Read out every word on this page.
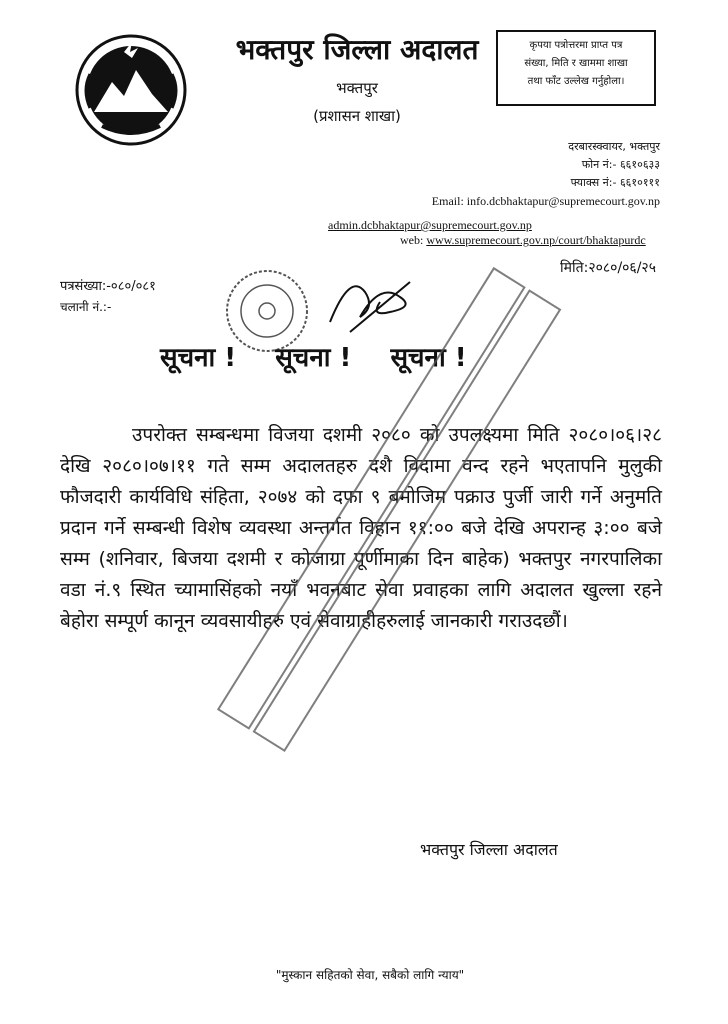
भक्तपुर जिल्ला अदालत
भक्तपुर
(प्रशासन शाखा)
कृपया पत्रोत्तरमा प्राप्त पत्र
संख्या, मिति र खाममा शाखा
तथा फाँट उल्लेख गर्नुहोला।
दरबारस्क्वायर, भक्तपुर
फोन नं:- ६६१०६३३
फ्याक्स नं:- ६६१०१११
Email: info.dcbhaktapur@supremecourt.gov.np
admin.dcbhaktapur@supremecourt.gov.np
web: www.supremecourt.gov.np/court/bhaktapurdc
पत्रसंख्या:-०८०/०८१
चलानी नं.:-
मिति:२०८०/०६/२५
सूचना ! सूचना ! सूचना !
उपरोक्त सम्बन्धमा विजया दशमी २०८० को उपलक्ष्यमा मिति २०८०।०६।२८ देखि २०८०।०७।११ गते सम्म अदालतहरु दशै विदामा वन्द रहने भएतापनि मुलुकी फौजदारी कार्यविधि संहिता, २०७४ को दफा ९ बमोजिम पक्राउ पुर्जी जारी गर्ने अनुमति प्रदान गर्ने सम्बन्धी विशेष व्यवस्था अन्तर्गत विहान ११:०० बजे देखि अपरान्ह ३:०० बजे सम्म (शनिवार, बिजया दशमी र कोजाग्रा पूर्णीमाका दिन बाहेक) भक्तपुर नगरपालिका वडा नं.९ स्थित च्यामासिंहको नयाँ भवनबाट सेवा प्रवाहका लागि अदालत खुल्ला रहने बेहोरा सम्पूर्ण कानून व्यवसायीहरु एवं सेवाग्राहीहरुलाई जानकारी गराउदछौं।
भक्तपुर जिल्ला अदालत
"मुस्कान सहितको सेवा, सबैको लागि न्याय"
